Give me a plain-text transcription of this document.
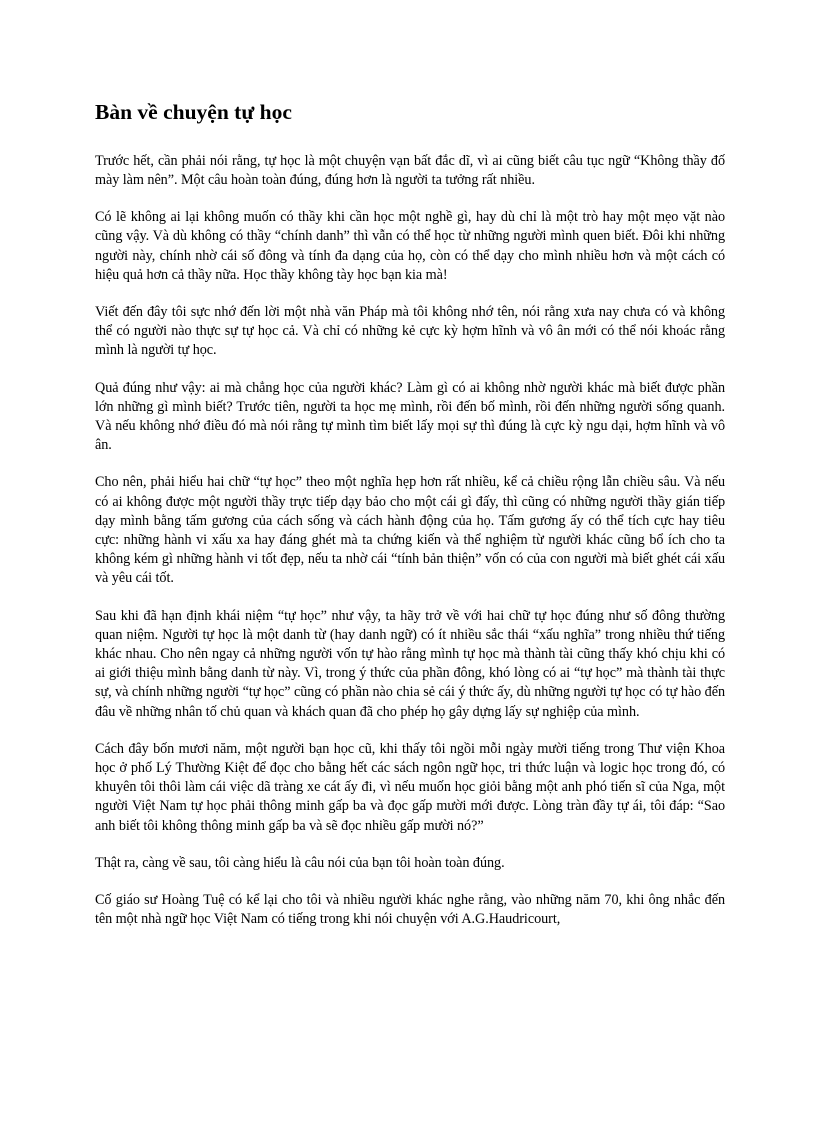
Bàn về chuyện tự học

Trước hết, cần phải nói rằng, tự học là một chuyện vạn bất đắc dĩ, vì ai cũng biết câu tục ngữ “Không thầy đố mày làm nên”. Một câu hoàn toàn đúng, đúng hơn là người ta tưởng rất nhiều.

Có lẽ không ai lại không muốn có thầy khi cần học một nghề gì, hay dù chỉ là một trò hay một mẹo vặt nào cũng vậy. Và dù không có thầy “chính danh” thì vẫn có thể học từ những người mình quen biết. Đôi khi những người này, chính nhờ cái số đông và tính đa dạng của họ, còn có thể dạy cho mình nhiều hơn và một cách có hiệu quả hơn cả thầy nữa. Học thầy không tày học bạn kia mà!

Viết đến đây tôi sực nhớ đến lời một nhà văn Pháp mà tôi không nhớ tên, nói rằng xưa nay chưa có và không thể có người nào thực sự tự học cả. Và chỉ có những kẻ cực kỳ hợm hĩnh và vô ân mới có thể nói khoác rằng mình là người tự học.

Quả đúng như vậy: ai mà chẳng học của người khác? Làm gì có ai không nhờ người khác mà biết được phần lớn những gì mình biết? Trước tiên, người ta học mẹ mình, rồi đến bố mình, rồi đến những người sống quanh. Và nếu không nhớ điều đó mà nói rằng tự mình tìm biết lấy mọi sự thì đúng là cực kỳ ngu dại, hợm hĩnh và vô ân.

Cho nên, phải hiểu hai chữ “tự học” theo một nghĩa hẹp hơn rất nhiều, kể cả chiều rộng lẫn chiều sâu. Và nếu có ai không được một người thầy trực tiếp dạy bảo cho một cái gì đấy, thì cũng có những người thầy gián tiếp dạy mình bằng tấm gương của cách sống và cách hành động của họ. Tấm gương ấy có thể tích cực hay tiêu cực: những hành vi xấu xa hay đáng ghét mà ta chứng kiến và thể nghiệm từ người khác cũng bổ ích cho ta không kém gì những hành vi tốt đẹp, nếu ta nhờ cái “tính bản thiện” vốn có của con người mà biết ghét cái xấu và yêu cái tốt.

Sau khi đã hạn định khái niệm “tự học” như vậy, ta hãy trở về với hai chữ tự học đúng như số đông thường quan niệm. Người tự học là một danh từ (hay danh ngữ) có ít nhiều sắc thái “xấu nghĩa” trong nhiều thứ tiếng khác nhau. Cho nên ngay cả những người vốn tự hào rằng mình tự học mà thành tài cũng thấy khó chịu khi có ai giới thiệu mình bằng danh từ này. Vì, trong ý thức của phần đông, khó lòng có ai “tự học” mà thành tài thực sự, và chính những người “tự học” cũng có phần nào chia sẻ cái ý thức ấy, dù những người tự học có tự hào đến đâu về những nhân tố chủ quan và khách quan đã cho phép họ gây dựng lấy sự nghiệp của mình.

Cách đây bốn mươi năm, một người bạn học cũ, khi thấy tôi ngồi mỗi ngày mười tiếng trong Thư viện Khoa học ở phố Lý Thường Kiệt để đọc cho bằng hết các sách ngôn ngữ học, tri thức luận và logic học trong đó, có khuyên tôi thôi làm cái việc dã tràng xe cát ấy đi, vì nếu muốn học giỏi bằng một anh phó tiến sĩ của Nga, một người Việt Nam tự học phải thông minh gấp ba và đọc gấp mười mới được. Lòng tràn đầy tự ái, tôi đáp: “Sao anh biết tôi không thông minh gấp ba và sẽ đọc nhiều gấp mười nó?”

Thật ra, càng về sau, tôi càng hiểu là câu nói của bạn tôi hoàn toàn đúng.

Cố giáo sư Hoàng Tuệ có kể lại cho tôi và nhiều người khác nghe rằng, vào những năm 70, khi ông nhắc đến tên một nhà ngữ học Việt Nam có tiếng trong khi nói chuyện với A.G.Haudricourt,
